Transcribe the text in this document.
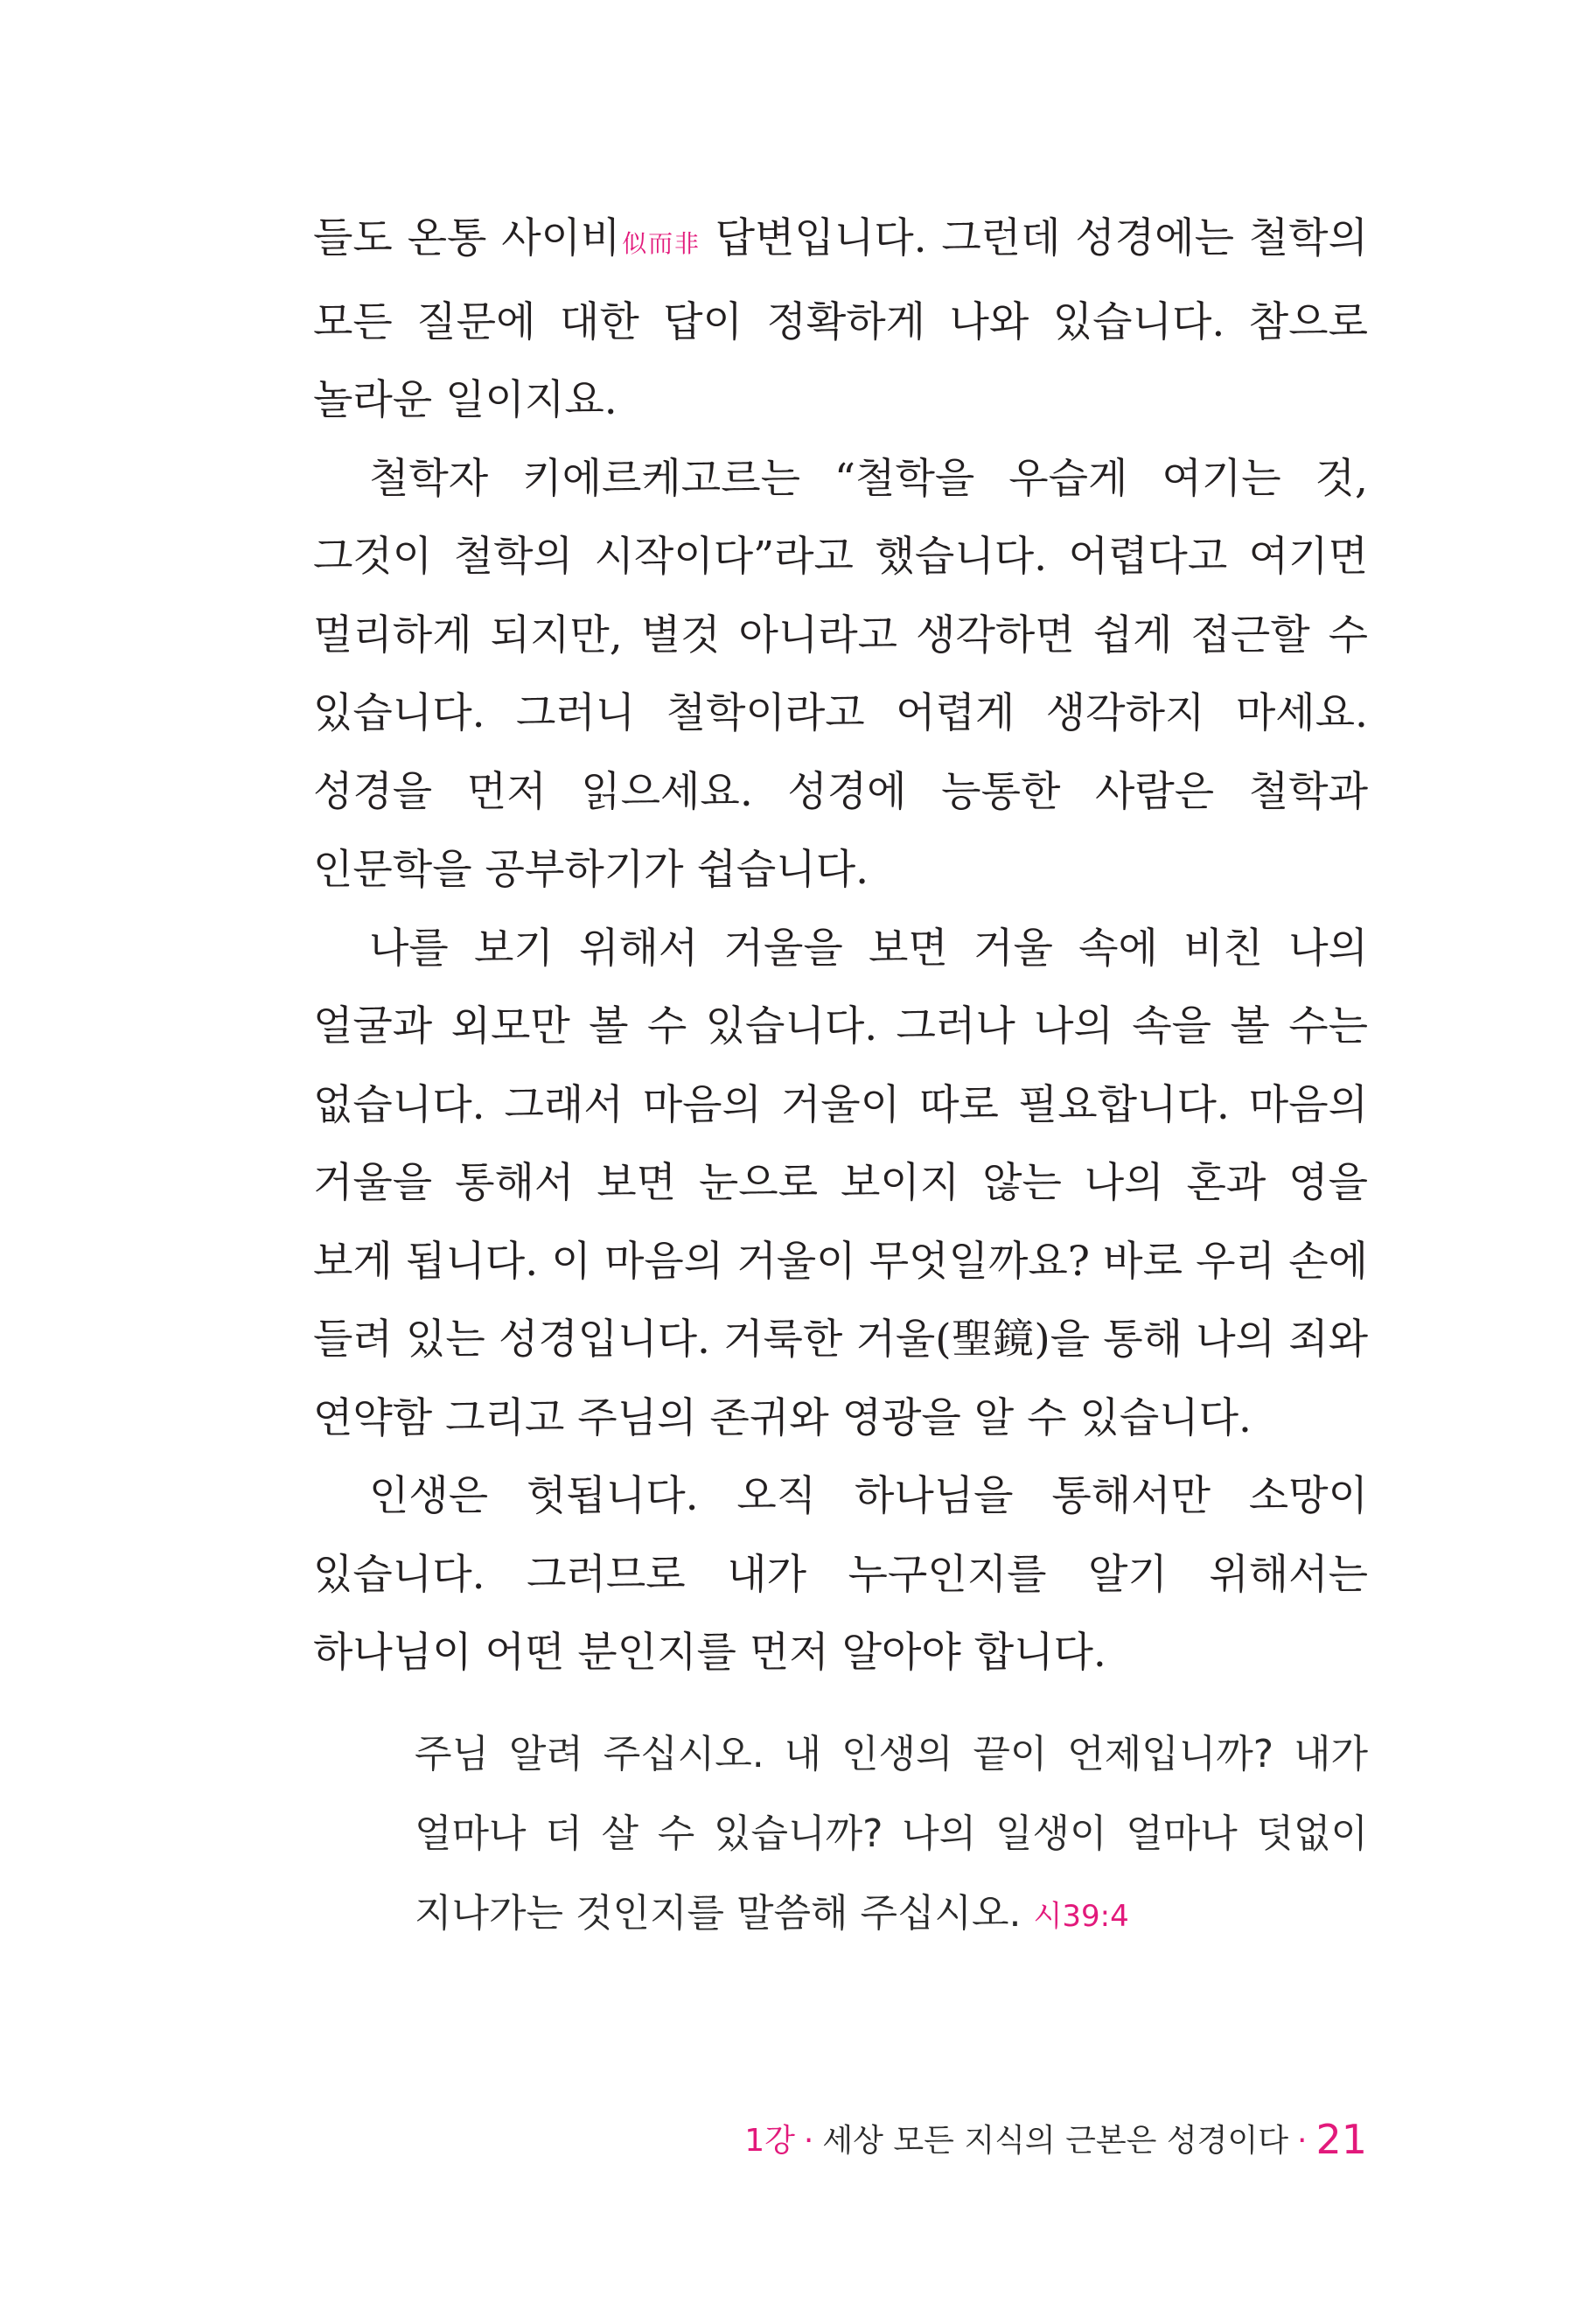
들도 온통 사이비似而非 답변입니다. 그런데 성경에는 철학의 모든 질문에 대한 답이 정확하게 나와 있습니다. 참으로 놀라운 일이지요.

철학자 키에르케고르는 “철학을 우습게 여기는 것, 그것이 철학의 시작이다”라고 했습니다. 어렵다고 여기면 멀리하게 되지만, 별것 아니라고 생각하면 쉽게 접근할 수 있습니다. 그러니 철학이라고 어렵게 생각하지 마세요. 성경을 먼저 읽으세요. 성경에 능통한 사람은 철학과 인문학을 공부하기가 쉽습니다.

나를 보기 위해서 거울을 보면 거울 속에 비친 나의 얼굴과 외모만 볼 수 있습니다. 그러나 나의 속을 볼 수는 없습니다. 그래서 마음의 거울이 따로 필요합니다. 마음의 거울을 통해서 보면 눈으로 보이지 않는 나의 혼과 영을 보게 됩니다. 이 마음의 거울이 무엇일까요? 바로 우리 손에 들려 있는 성경입니다. 거룩한 거울(聖鏡)을 통해 나의 죄와 연약함 그리고 주님의 존귀와 영광을 알 수 있습니다.

인생은 헛됩니다. 오직 하나님을 통해서만 소망이 있습니다. 그러므로 내가 누구인지를 알기 위해서는 하나님이 어떤 분인지를 먼저 알아야 합니다.

주님 알려 주십시오. 내 인생의 끝이 언제입니까? 내가 얼마나 더 살 수 있습니까? 나의 일생이 얼마나 덧없이 지나가는 것인지를 말씀해 주십시오. 시39:4

1강 · 세상 모든 지식의 근본은 성경이다 · 21
